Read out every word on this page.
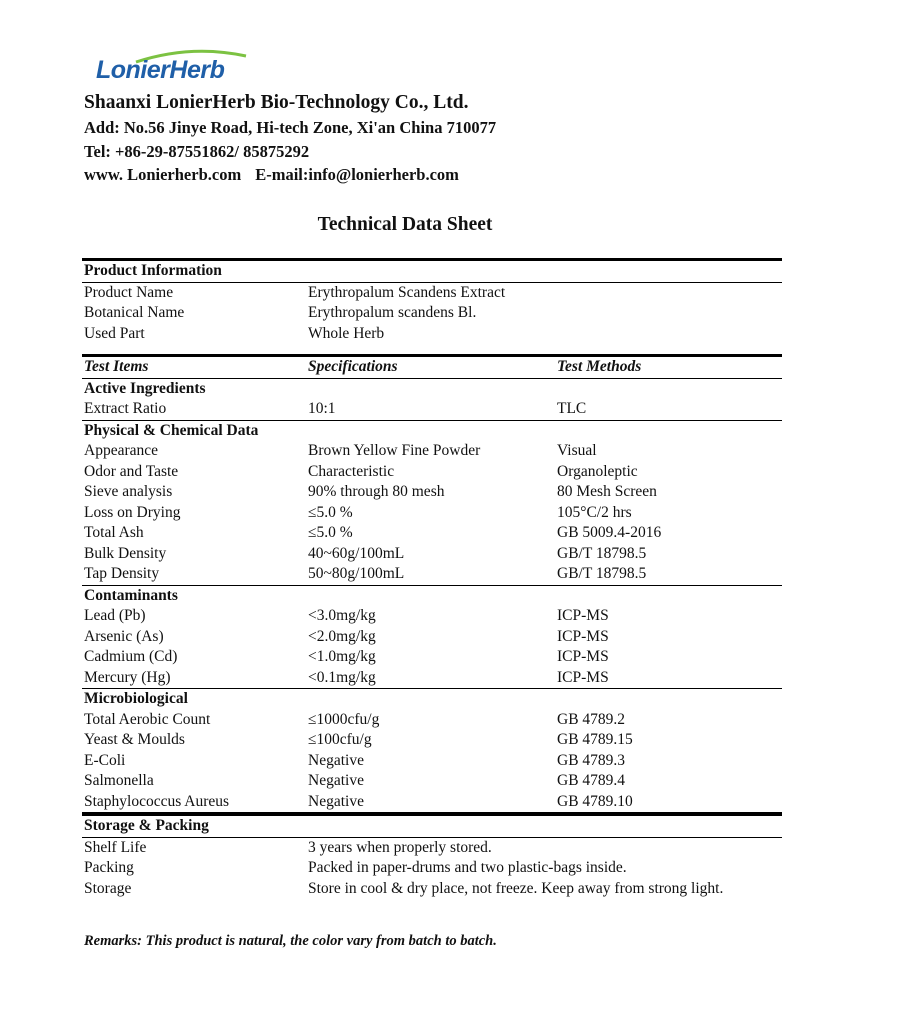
LonierHerb
Shaanxi LonierHerb Bio-Technology Co., Ltd.
Add: No.56 Jinye Road, Hi-tech Zone, Xi'an China 710077
Tel: +86-29-87551862/ 85875292
www. Lonierherb.com E-mail:info@lonierherb.com
Technical Data Sheet
Product Information
Product Name	Erythropalum Scandens Extract
Botanical Name	Erythropalum scandens Bl.
Used Part	Whole Herb
Test Items	Specifications	Test Methods
Active Ingredients
Extract Ratio	10:1	TLC
Physical & Chemical Data
Appearance	Brown Yellow Fine Powder	Visual
Odor and Taste	Characteristic	Organoleptic
Sieve analysis	90% through 80 mesh	80 Mesh Screen
Loss on Drying	≤5.0 %	105°C/2 hrs
Total Ash	≤5.0 %	GB 5009.4-2016
Bulk Density	40~60g/100mL	GB/T 18798.5
Tap Density	50~80g/100mL	GB/T 18798.5
Contaminants
Lead (Pb)	<3.0mg/kg	ICP-MS
Arsenic (As)	<2.0mg/kg	ICP-MS
Cadmium (Cd)	<1.0mg/kg	ICP-MS
Mercury (Hg)	<0.1mg/kg	ICP-MS
Microbiological
Total Aerobic Count	≤1000cfu/g	GB 4789.2
Yeast & Moulds	≤100cfu/g	GB 4789.15
E-Coli	Negative	GB 4789.3
Salmonella	Negative	GB 4789.4
Staphylococcus Aureus	Negative	GB 4789.10
Storage & Packing
Shelf Life	3 years when properly stored.
Packing	Packed in paper-drums and two plastic-bags inside.
Storage	Store in cool & dry place, not freeze. Keep away from strong light.
Remarks: This product is natural, the color vary from batch to batch.
